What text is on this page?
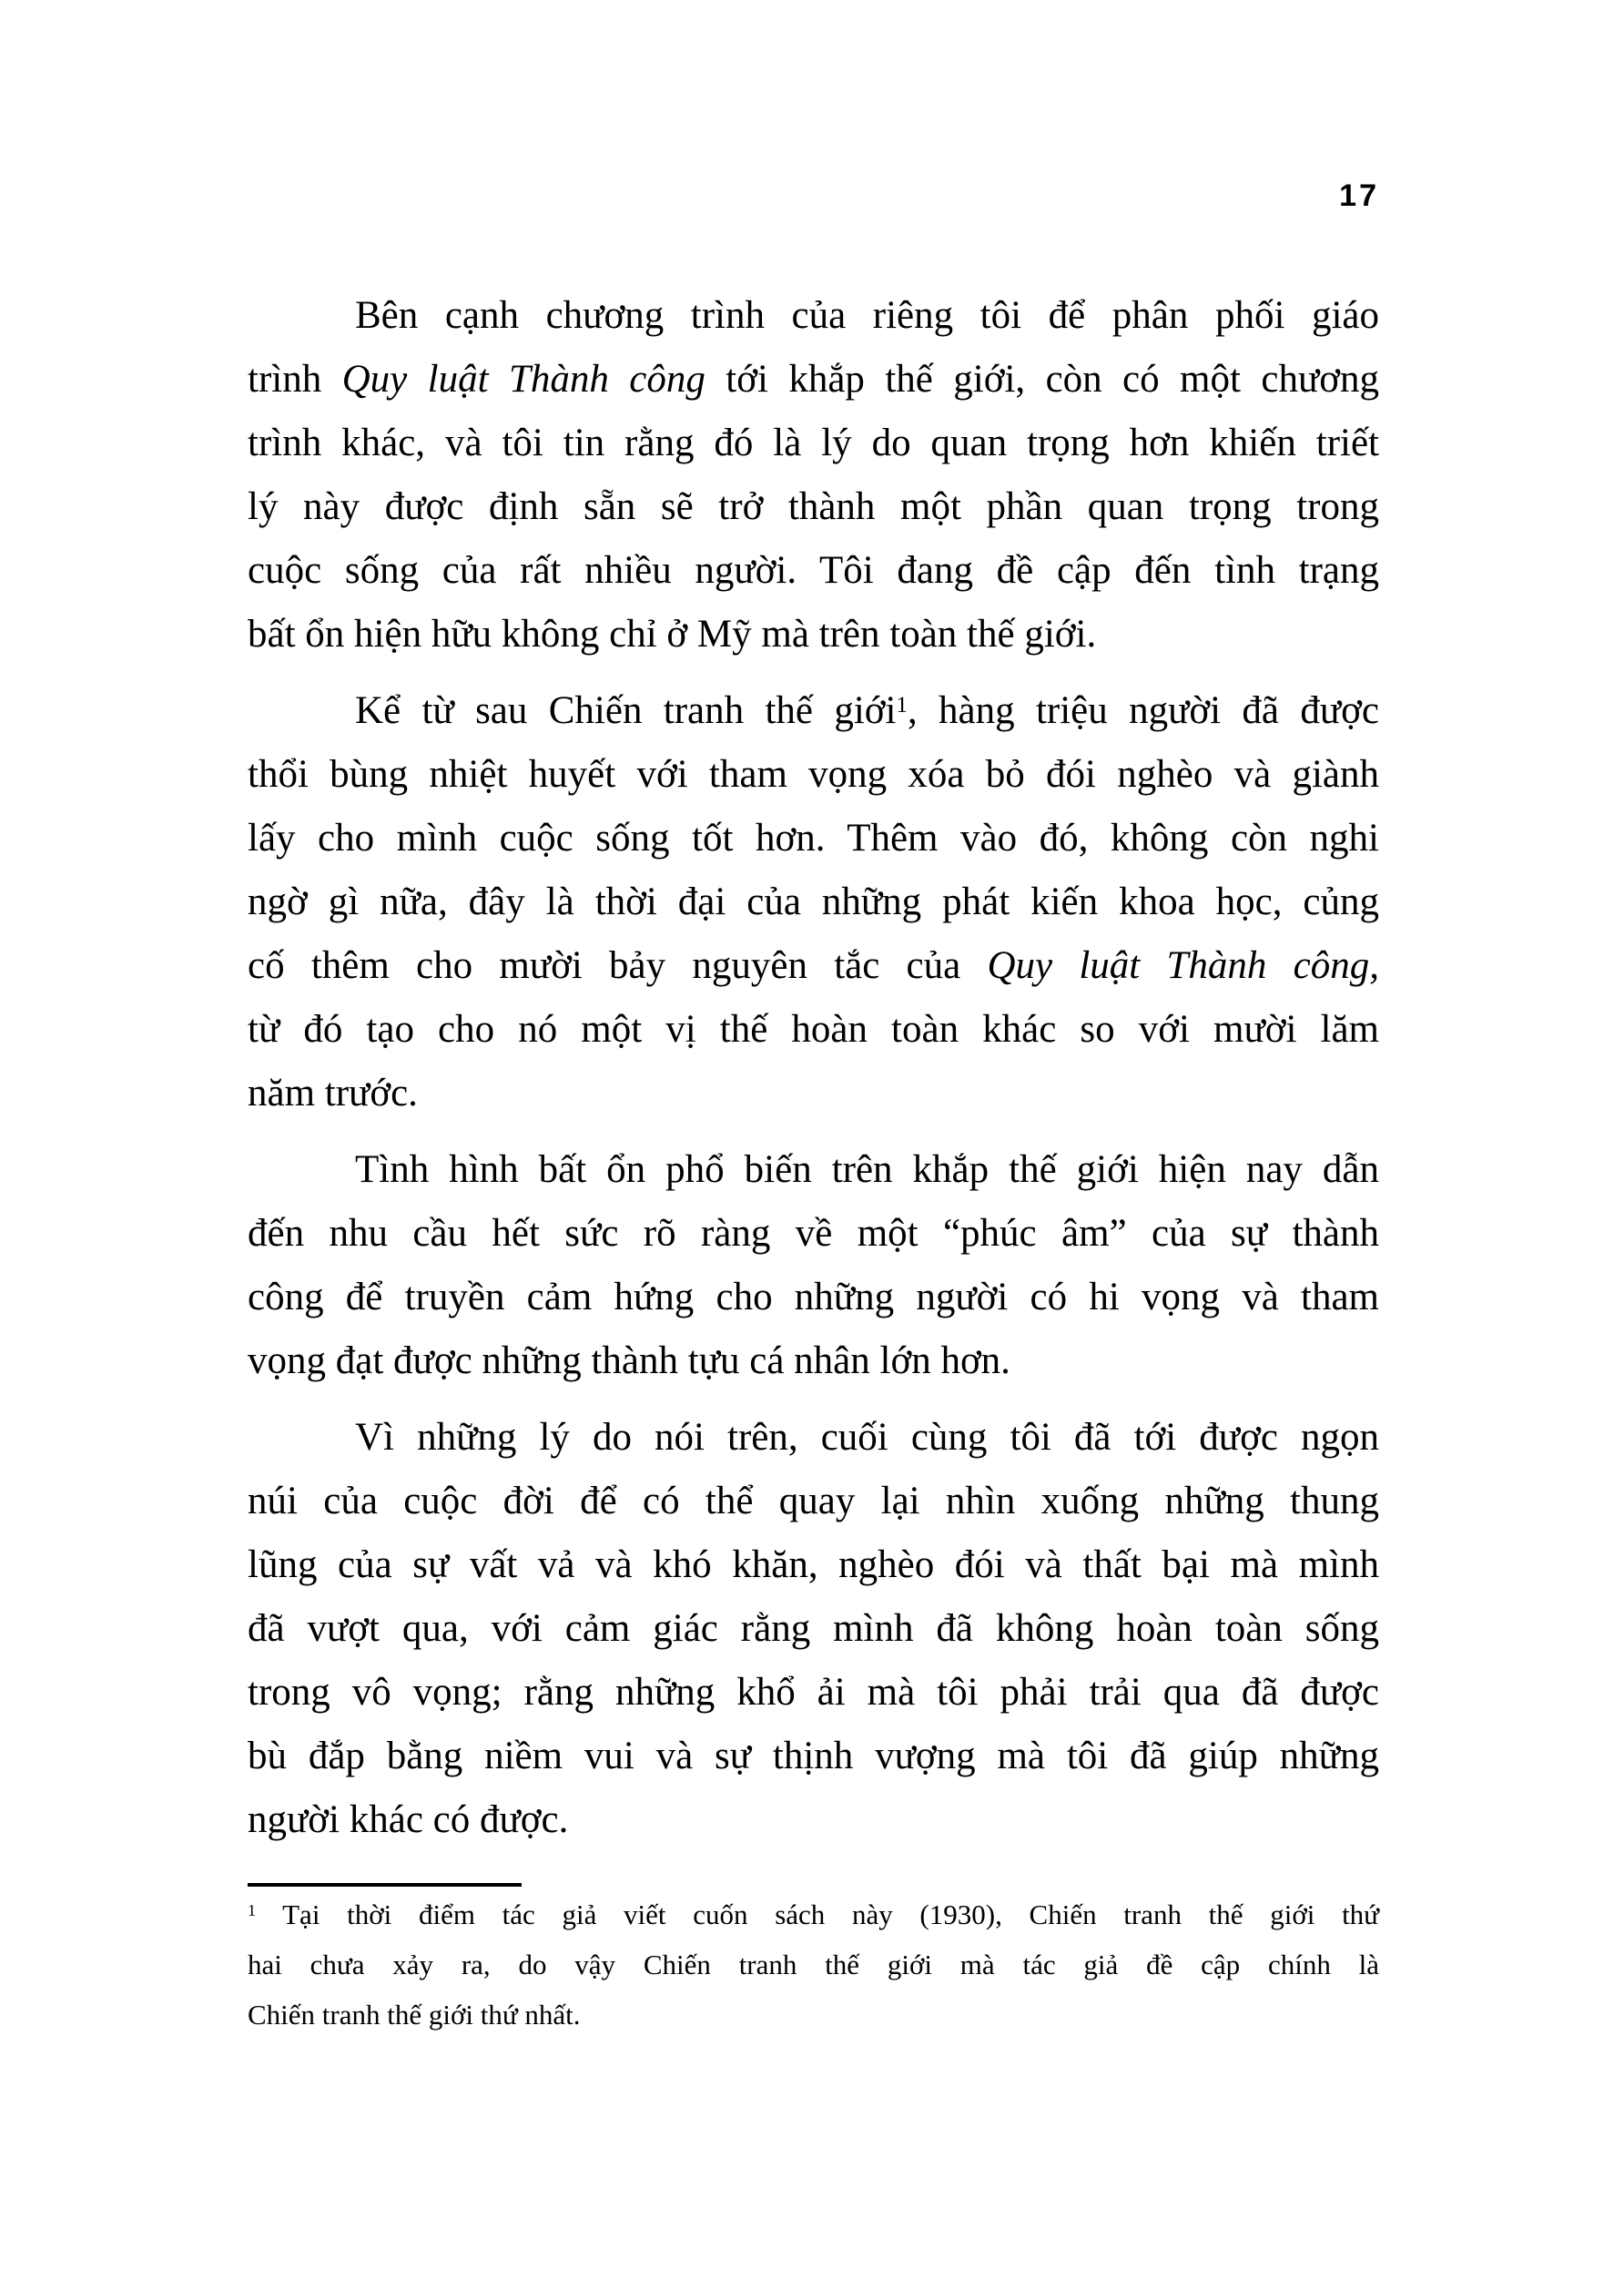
17
Bên cạnh chương trình của riêng tôi để phân phối giáo
trình Quy luật Thành công tới khắp thế giới, còn có một chương
trình khác, và tôi tin rằng đó là lý do quan trọng hơn khiến triết
lý này được định sẵn sẽ trở thành một phần quan trọng trong
cuộc sống của rất nhiều người. Tôi đang đề cập đến tình trạng
bất ổn hiện hữu không chỉ ở Mỹ mà trên toàn thế giới.
Kể từ sau Chiến tranh thế giới$^1$, hàng triệu người đã được
thổi bùng nhiệt huyết với tham vọng xóa bỏ đói nghèo và giành
lấy cho mình cuộc sống tốt hơn. Thêm vào đó, không còn nghi
ngờ gì nữa, đây là thời đại của những phát kiến khoa học, củng
cố thêm cho mười bảy nguyên tắc của Quy luật Thành công,
từ đó tạo cho nó một vị thế hoàn toàn khác so với mười lăm
năm trước.
Tình hình bất ổn phổ biến trên khắp thế giới hiện nay dẫn
đến nhu cầu hết sức rõ ràng về một “phúc âm” của sự thành
công để truyền cảm hứng cho những người có hi vọng và tham
vọng đạt được những thành tựu cá nhân lớn hơn.
Vì những lý do nói trên, cuối cùng tôi đã tới được ngọn
núi của cuộc đời để có thể quay lại nhìn xuống những thung
lũng của sự vất vả và khó khăn, nghèo đói và thất bại mà mình
đã vượt qua, với cảm giác rằng mình đã không hoàn toàn sống
trong vô vọng; rằng những khổ ải mà tôi phải trải qua đã được
bù đắp bằng niềm vui và sự thịnh vượng mà tôi đã giúp những
người khác có được.
$^1$ Tại thời điểm tác giả viết cuốn sách này (1930), Chiến tranh thế giới thứ
hai chưa xảy ra, do vậy Chiến tranh thế giới mà tác giả đề cập chính là
Chiến tranh thế giới thứ nhất.
